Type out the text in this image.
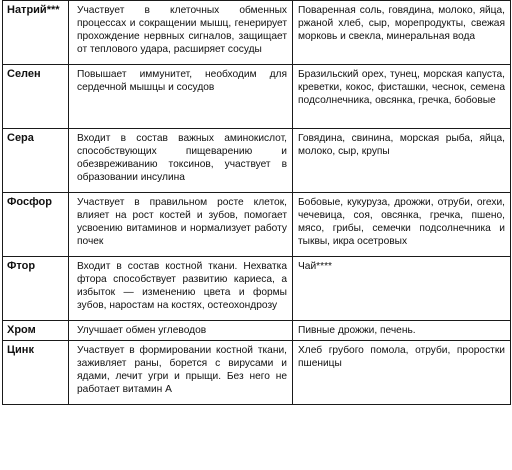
Натрий***	Участвует в клеточных обменных процессах и сокращении мышц, генерирует прохождение нервных сигналов, защищает от теплового удара, расширяет сосуды	Поваренная соль, говядина, молоко, яйца, ржаной хлеб, сыр, морепродукты, свежая морковь и свекла, минеральная вода
Селен	Повышает иммунитет, необходим для сердечной мышцы и сосудов	Бразильский орех, тунец, морская капуста, креветки, кокос, фисташки, чеснок, семена подсолнечника, овсянка, гречка, бобовые
Сера	Входит в состав важных аминокислот, способствующих пищеварению и обезвреживанию токсинов, участвует в образовании инсулина	Говядина, свинина, морская рыба, яйца, молоко, сыр, крупы
Фосфор	Участвует в правильном росте клеток, влияет на рост костей и зубов, помогает усвоению витаминов и нормализует работу почек	Бобовые, кукуруза, дрожжи, отруби, orехи, чечевица, соя, овсянка, гречка, пшено, мясо, грибы, семечки подсолнечника и тыквы, икра осетровых
Фтор	Входит в состав костной ткани. Нехватка фтора способствует развитию кариеса, а избыток — изменению цвета и формы зубов, наростам на костях, остеохондрозу	Чай****
Хром	Улучшает обмен углеводов	Пивные дрожжи, печень.
Цинк	Участвует в формировании костной ткани, заживляет раны, борется с вирусами и ядами, лечит угри и прыщи. Без него не работает витамин А	Хлеб грубого помола, отруби, проростки пшеницы
